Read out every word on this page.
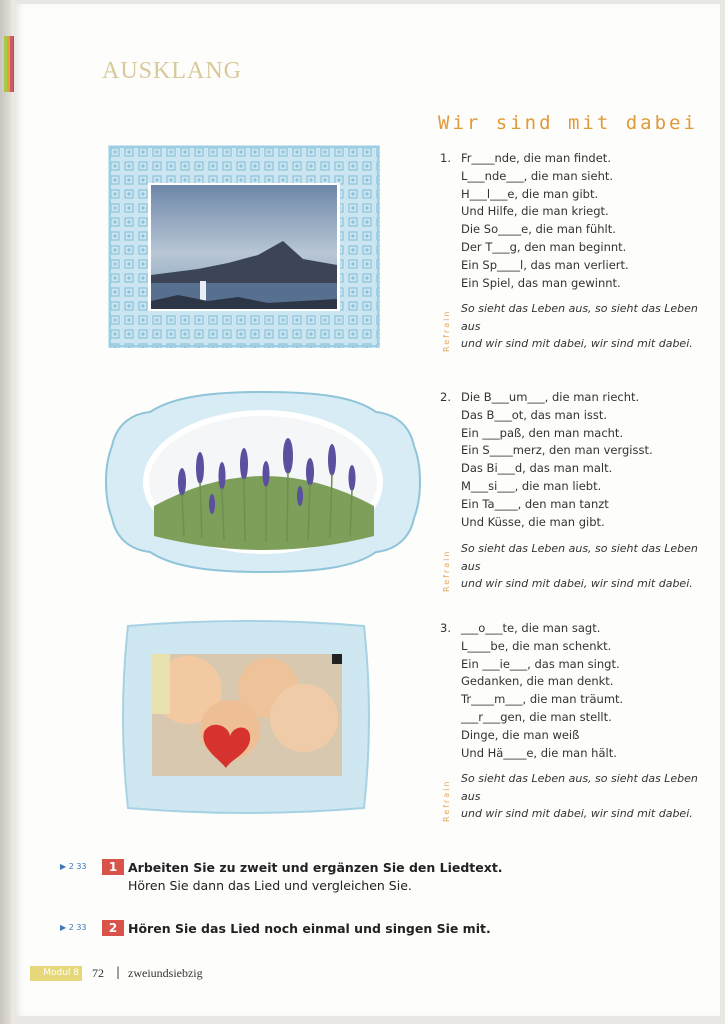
AUSKLANG
Wir sind mit dabei
1. Fr____nde, die man findet.
L___nde___, die man sieht.
H___l___e, die man gibt.
Und Hilfe, die man kriegt.
Die So____e, die man fühlt.
Der T___g, den man beginnt.
Ein Sp____l, das man verliert.
Ein Spiel, das man gewinnt.
Refrain
So sieht das Leben aus, so sieht das Leben aus
und wir sind mit dabei, wir sind mit dabei.
2. Die B___um___, die man riecht.
Das B___ot, das man isst.
Ein ___paß, den man macht.
Ein S____merz, den man vergisst.
Das Bi___d, das man malt.
M___si___, die man liebt.
Ein Ta____, den man tanzt
Und Küsse, die man gibt.
Refrain
So sieht das Leben aus, so sieht das Leben aus
und wir sind mit dabei, wir sind mit dabei.
3. ___o___te, die man sagt.
L____be, die man schenkt.
Ein ___ie___, das man singt.
Gedanken, die man denkt.
Tr____m___, die man träumt.
___r___gen, die man stellt.
Dinge, die man weiß
Und Hä____e, die man hält.
Refrain
So sieht das Leben aus, so sieht das Leben aus
und wir sind mit dabei, wir sind mit dabei.
▶ 2 33	1 Arbeiten Sie zu zweit und ergänzen Sie den Liedtext.
Hören Sie dann das Lied und vergleichen Sie.
▶ 2 33	2 Hören Sie das Lied noch einmal und singen Sie mit.
Modul 8 72 | zweiundsiebzig
